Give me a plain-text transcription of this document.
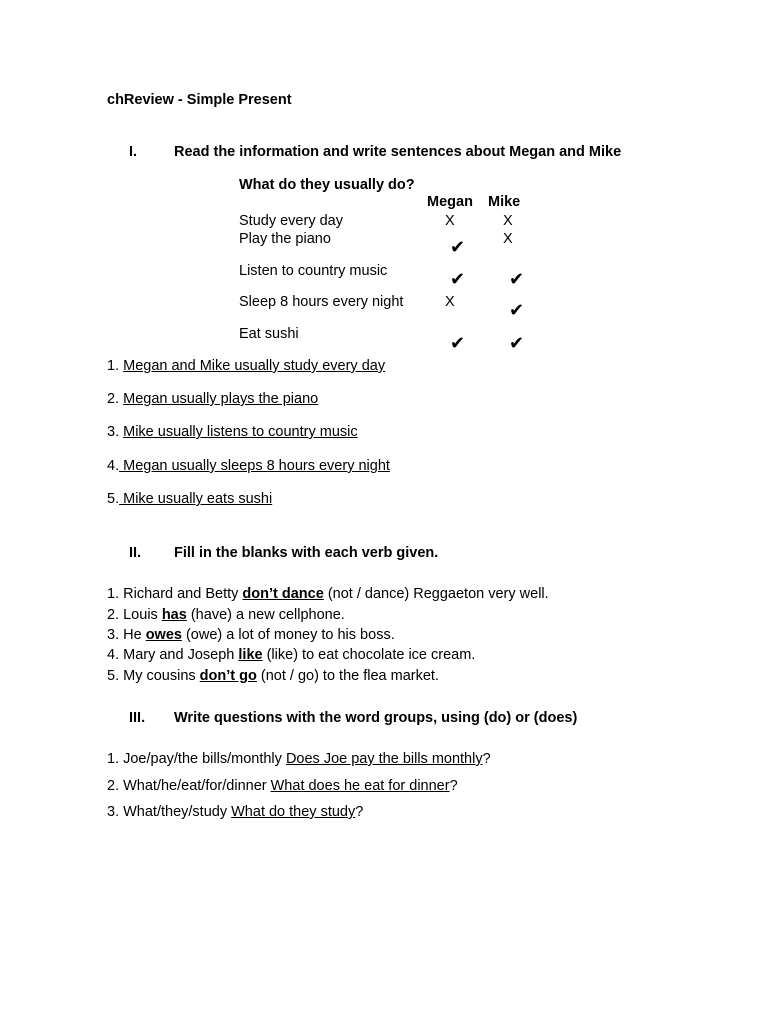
chReview - Simple Present
I.	Read the information and write sentences about Megan and Mike
What do they usually do?
Megan Mike
Study every day	X	X
Play the piano	✔	X
Listen to country music	✔ ✔
Sleep 8 hours every night	X	✔
Eat sushi	✔ ✔
1. Megan and Mike usually study every day
2. Megan usually plays the piano
3. Mike usually listens to country music
4. Megan usually sleeps 8 hours every night
5. Mike usually eats sushi
II. Fill in the blanks with each verb given.
1. Richard and Betty don’t dance (not / dance) Reggaeton very well.
2. Louis has (have) a new cellphone.
3. He owes (owe) a lot of money to his boss.
4. Mary and Joseph like (like) to eat chocolate ice cream.
5. My cousins don’t go (not / go) to the flea market.
III. Write questions with the word groups, using (do) or (does)
1. Joe/pay/the bills/monthly Does Joe pay the bills monthly?
2. What/he/eat/for/dinner What does he eat for dinner?
3. What/they/study What do they study?
